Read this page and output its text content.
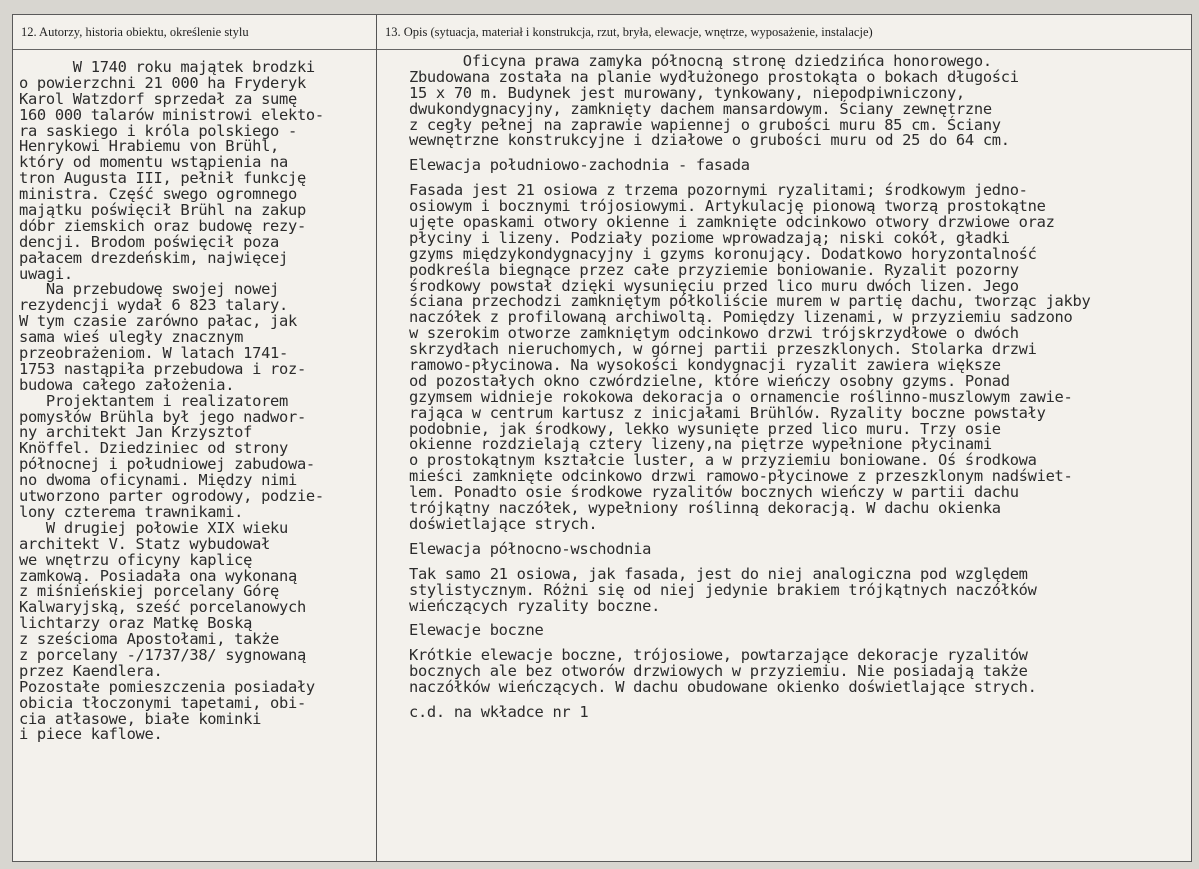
12. Autorzy, historia obiektu, określenie stylu	13. Opis (sytuacja, materiał i konstrukcja, rzut, bryła, elewacje, wnętrze, wyposażenie, instalacje)
W 1740 roku majątek brodzki
o powierzchni 21 000 ha Fryderyk
Karol Watzdorf sprzedał za sumę
160 000 talarów ministrowi elekto-
ra saskiego i króla polskiego -
Henrykowi Hrabiemu von Brühl,
który od momentu wstąpienia na
tron Augusta III, pełnił funkcję
ministra. Część swego ogromnego
majątku poświęcił Brühl na zakup
dóbr ziemskich oraz budowę rezy-
dencji. Brodom poświęcił poza
pałacem drezdeńskim, najwięcej
uwagi.
Na przebudowę swojej nowej
rezydencji wydał 6 823 talary.
W tym czasie zarówno pałac, jak
sama wieś uległy znacznym
przeobrażeniom. W latach 1741-
1753 nastąpiła przebudowa i roz-
budowa całego założenia.
Projektantem i realizatorem
pomysłów Brühla był jego nadwor-
ny architekt Jan Krzysztof
Knöffel. Dziedziniec od strony
północnej i południowej zabudowa-
no dwoma oficynami. Między nimi
utworzono parter ogrodowy, podzie-
lony czterema trawnikami.
W drugiej połowie XIX wieku
architekt V. Statz wybudował
we wnętrzu oficyny kaplicę
zamkową. Posiadała ona wykonaną
z miśnieńskiej porcelany Górę
Kalwaryjską, sześć porcelanowych
lichtarzy oraz Matkę Boską
z sześcioma Apostołami, także
z porcelany -/1737/38/ sygnowaną
przez Kaendlera.
Pozostałe pomieszczenia posiadały
obicia tłoczonymi tapetami, obi-
cia atłasowe, białe kominki
i piece kaflowe.
Oficyna prawa zamyka północną stronę dziedzińca honorowego.
Zbudowana została na planie wydłużonego prostokąta o bokach długości
15 x 70 m. Budynek jest murowany, tynkowany, niepodpiwniczony,
dwukondygnacyjny, zamknięty dachem mansardowym. Ściany zewnętrzne
z cegły pełnej na zaprawie wapiennej o grubości muru 85 cm. Ściany
wewnętrzne konstrukcyjne i działowe o grubości muru od 25 do 64 cm.
Elewacja południowo-zachodnia - fasada
Fasada jest 21 osiowa z trzema pozornymi ryzalitami; środkowym jedno-
osiowym i bocznymi trójosiowymi. Artykulację pionową tworzą prostokątne
ujęte opaskami otwory okienne i zamknięte odcinkowo otwory drzwiowe oraz
płyciny i lizeny. Podziały poziome wprowadzają; niski cokół, gładki
gzyms międzykondygnacyjny i gzyms koronujący. Dodatkowo horyzontalność
podkreśla biegnące przez całe przyziemie boniowanie. Ryzalit pozorny
środkowy powstał dzięki wysunięciu przed lico muru dwóch lizen. Jego
ściana przechodzi zamkniętym półkoliście murem w partię dachu, tworząc jakby
naczółek z profilowaną archiwoltą. Pomiędzy lizenami, w przyziemiu sadzono
w szerokim otworze zamkniętym odcinkowo drzwi trójskrzydłowe o dwóch
skrzydłach nieruchomych, w górnej partii przeszklonych. Stolarka drzwi
ramowo-płycinowa. Na wysokości kondygnacji ryzalit zawiera większe
od pozostałych okno czwórdzielne, które wieńczy osobny gzyms. Ponad
gzymsem widnieje rokokowa dekoracja o ornamencie roślinno-muszlowym zawie-
rająca w centrum kartusz z inicjałami Brühlów. Ryzality boczne powstały
podobnie, jak środkowy, lekko wysunięte przed lico muru. Trzy osie
okienne rozdzielają cztery lizeny,na piętrze wypełnione płycinami
o prostokątnym kształcie luster, a w przyziemiu boniowane. Oś środkowa
mieści zamknięte odcinkowo drzwi ramowo-płycinowe z przeszklonym nadświet-
lem. Ponadto osie środkowe ryzalitów bocznych wieńczy w partii dachu
trójkątny naczółek, wypełniony roślinną dekoracją. W dachu okienka
doświetlające strych.
Elewacja północno-wschodnia
Tak samo 21 osiowa, jak fasada, jest do niej analogiczna pod względem
stylistycznym. Różni się od niej jedynie brakiem trójkątnych naczółków
wieńczących ryzality boczne.
Elewacje boczne
Krótkie elewacje boczne, trójosiowe, powtarzające dekoracje ryzalitów
bocznych ale bez otworów drzwiowych w przyziemiu. Nie posiadają także
naczółków wieńczących. W dachu obudowane okienko doświetlające strych.
c.d. na wkładce nr 1
